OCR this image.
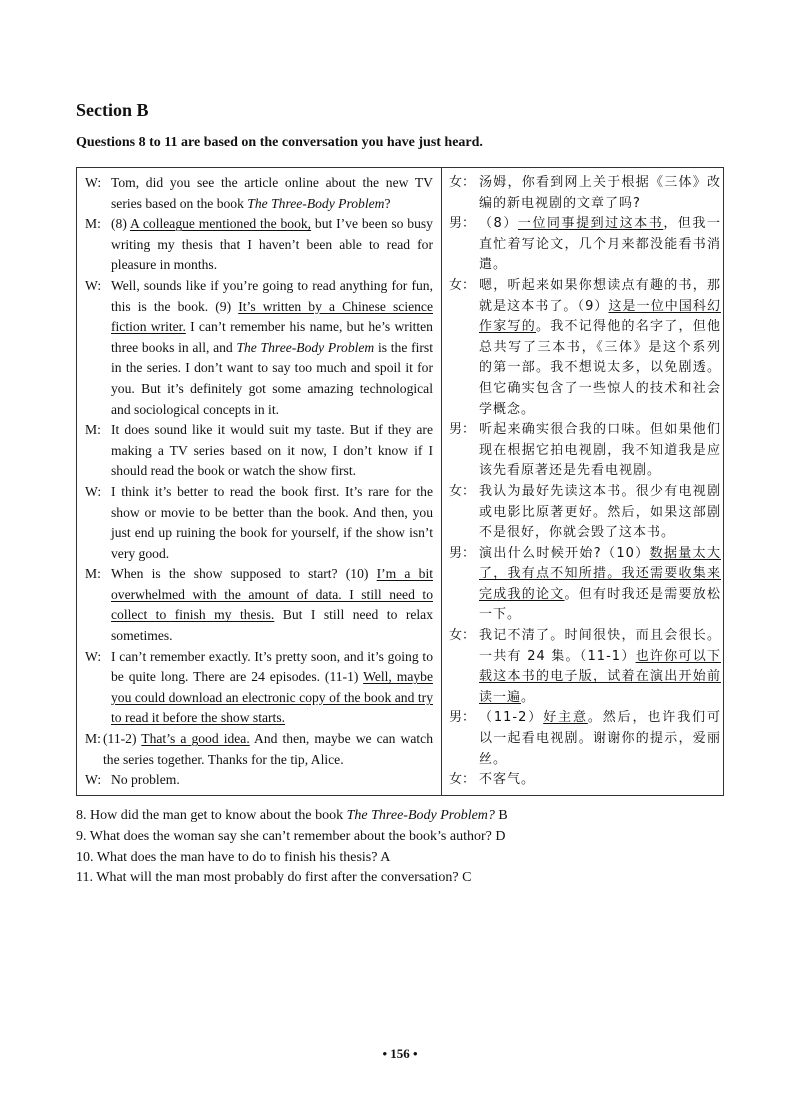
Section B

Questions 8 to 11 are based on the conversation you have just heard.

W: Tom, did you see the article online about the new TV series based on the book The Three-Body Problem?
M: (8) A colleague mentioned the book, but I’ve been so busy writing my thesis that I haven’t been able to read for pleasure in months.
W: Well, sounds like if you’re going to read anything for fun, this is the book. (9) It’s written by a Chinese science fiction writer. I can’t remember his name, but he’s written three books in all, and The Three-Body Problem is the first in the series. I don’t want to say too much and spoil it for you. But it’s definitely got some amazing technological and sociological concepts in it.
M: It does sound like it would suit my taste. But if they are making a TV series based on it now, I don’t know if I should read the book or watch the show first.
W: I think it’s better to read the book first. It’s rare for the show or movie to be better than the book. And then, you just end up ruining the book for yourself, if the show isn’t very good.
M: When is the show supposed to start? (10) I’m a bit overwhelmed with the amount of data. I still need to collect to finish my thesis. But I still need to relax sometimes.
W: I can’t remember exactly. It’s pretty soon, and it’s going to be quite long. There are 24 episodes. (11-1) Well, maybe you could download an electronic copy of the book and try to read it before the show starts.
M: (11-2) That’s a good idea. And then, maybe we can watch the series together. Thanks for the tip, Alice.
W: No problem.
女： 汤姆，你看到网上关于根据《三体》改编的新电视剧的文章了吗?
男： （8）一位同事提到过这本书，但我一直忙着写论文，几个月来都没能看书消遣。
女： 嗯，听起来如果你想读点有趣的书，那就是这本书了。（9）这是一位中国科幻作家写的。我不记得他的名字了，但他总共写了三本书，《三体》是这个系列的第一部。我不想说太多，以免剧透。但它确实包含了一些惊人的技术和社会学概念。
男： 听起来确实很合我的口味。但如果他们现在根据它拍电视剧，我不知道我是应该先看原著还是先看电视剧。
女： 我认为最好先读这本书。很少有电视剧或电影比原著更好。然后，如果这部剧不是很好，你就会毁了这本书。
男： 演出什么时候开始?（10）数据量太大了，我有点不知所措。我还需要收集来完成我的论文。但有时我还是需要放松一下。
女： 我记不清了。时间很快，而且会很长。一共有 24 集。（11-1）也许你可以下载这本书的电子版，试着在演出开始前读一遍。
男： （11-2）好主意。然后，也许我们可以一起看电视剧。谢谢你的提示，爱丽丝。
女： 不客气。
8. How did the man get to know about the book The Three-Body Problem? B
9. What does the woman say she can’t remember about the book’s author? D
10. What does the man have to do to finish his thesis? A
11. What will the man most probably do first after the conversation? C
• 156 •
